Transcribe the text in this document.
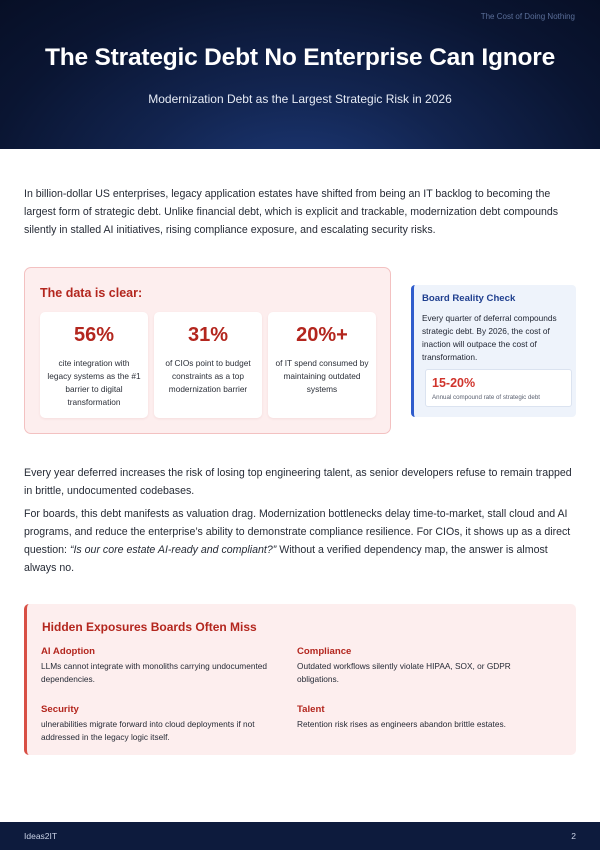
The Cost of Doing Nothing
The Strategic Debt No Enterprise Can Ignore
Modernization Debt as the Largest Strategic Risk in 2026

In billion-dollar US enterprises, legacy application estates have shifted from being an IT backlog to becoming the largest form of strategic debt. Unlike financial debt, which is explicit and trackable, modernization debt compounds silently in stalled AI initiatives, rising compliance exposure, and escalating security risks.

The data is clear:
56%
cite integration with legacy systems as the #1 barrier to digital transformation
31%
of CIOs point to budget constraints as a top modernization barrier
20%+
of IT spend consumed by maintaining outdated systems
Board Reality Check
Every quarter of deferral compounds strategic debt. By 2026, the cost of inaction will outpace the cost of transformation.
15-20%
Annual compound rate of strategic debt

Every year deferred increases the risk of losing top engineering talent, as senior developers refuse to remain trapped in brittle, undocumented codebases.

For boards, this debt manifests as valuation drag. Modernization bottlenecks delay time-to-market, stall cloud and AI programs, and reduce the enterprise’s ability to demonstrate compliance resilience. For CIOs, it shows up as a direct question: “Is our core estate AI-ready and compliant?” Without a verified dependency map, the answer is almost always no.

Hidden Exposures Boards Often Miss
AI Adoption
LLMs cannot integrate with monoliths carrying undocumented dependencies.
Compliance
Outdated workflows silently violate HIPAA, SOX, or GDPR obligations.
Security
ulnerabilities migrate forward into cloud deployments if not addressed in the legacy logic itself.
Talent
Retention risk rises as engineers abandon brittle estates.
Ideas2IT	2
